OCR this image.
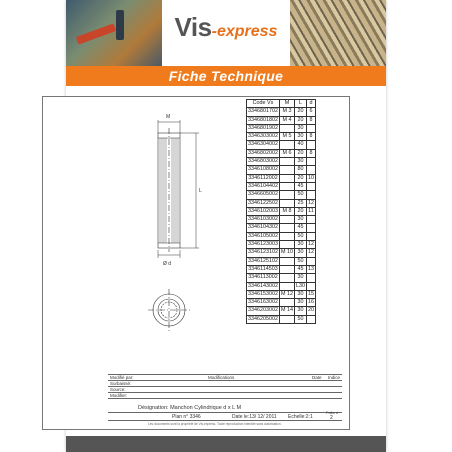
Vis-express
Fiche Technique
M
L
Ø d
Code Vs	M	L	d
3346801702	M 3	20	6
3346801802	M 4	20	8
3346801902		30	
3346303002	M 5	30	8
3346304002		40	
3346802002	M 6	20	8
3346803002		30	
3346108002		80	
3346112002		20	10
3346104402		45	
3346605002		50	
3346122502		25	12
3346102003	M 8	20	11
3346103002		30	
3346104302		45	
3346105002		50	
3346123003		30	12
3346123102	M 10	30	12
3346125102		50	
3346114503		45	13
3346113002		30	
3346143002		L30	
3346153002	M 12	30	15
3346163002		30	16
3346203002	M 14	30	20
3346205002		50	
Modifié par:
Surbaissé:
Source:
Modifier:
Modifications	Date Indice
Désignation: Manchon Cylindrique d x L M
Plan n° 3346	Date le:13/ 12/ 2011 Echelle:2:1
Folio n
2
Les documents sont la propriété de Vis-express. Toute reproduction interdite sans autorisation.
